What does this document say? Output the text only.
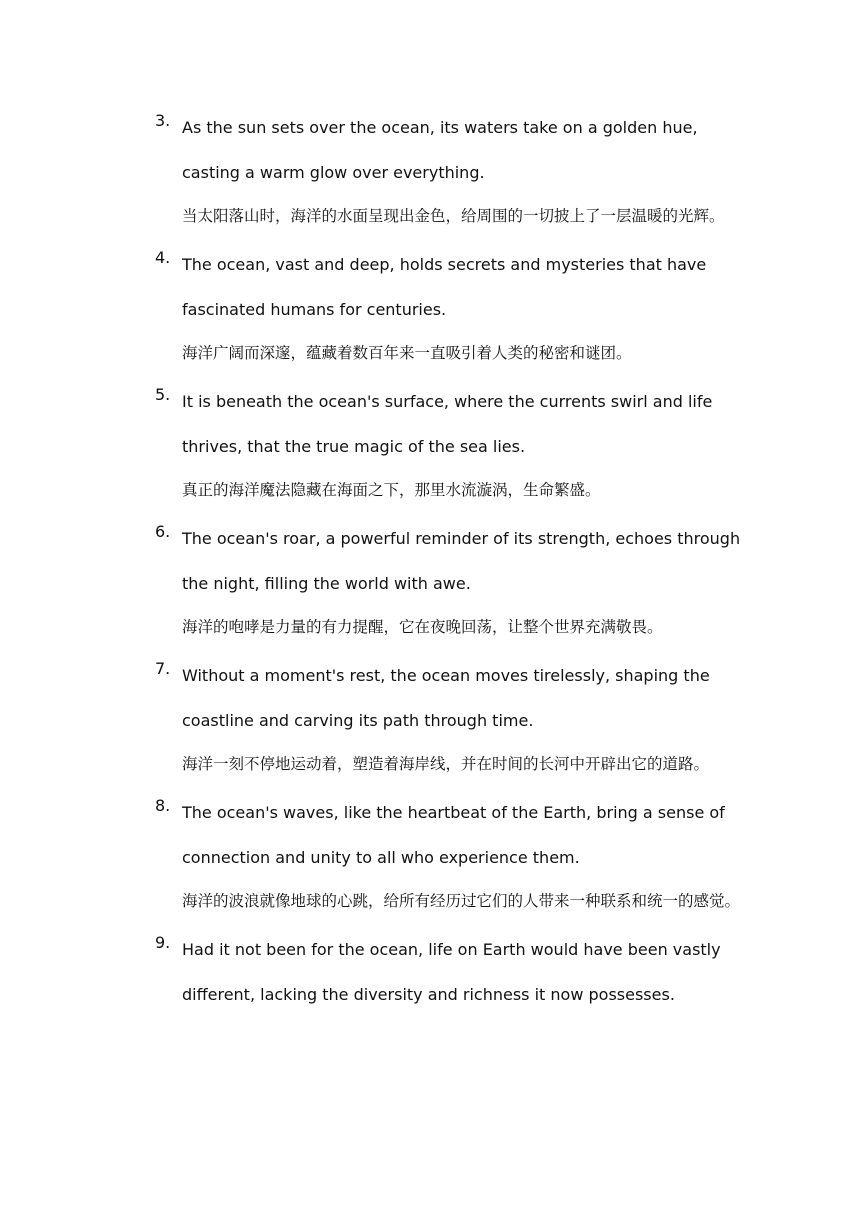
3. As the sun sets over the ocean, its waters take on a golden hue, casting a warm glow over everything.
当太阳落山时，海洋的水面呈现出金色，给周围的一切披上了一层温暖的光辉。
4. The ocean, vast and deep, holds secrets and mysteries that have fascinated humans for centuries.
海洋广阔而深邃，蕴藏着数百年来一直吸引着人类的秘密和谜团。
5. It is beneath the ocean's surface, where the currents swirl and life thrives, that the true magic of the sea lies.
真正的海洋魔法隐藏在海面之下，那里水流漩涡，生命繁盛。
6. The ocean's roar, a powerful reminder of its strength, echoes through the night, filling the world with awe.
海洋的咆哮是力量的有力提醒，它在夜晚回荡，让整个世界充满敬畏。
7. Without a moment's rest, the ocean moves tirelessly, shaping the coastline and carving its path through time.
海洋一刻不停地运动着，塑造着海岸线，并在时间的长河中开辟出它的道路。
8. The ocean's waves, like the heartbeat of the Earth, bring a sense of connection and unity to all who experience them.
海洋的波浪就像地球的心跳，给所有经历过它们的人带来一种联系和统一的感觉。
9. Had it not been for the ocean, life on Earth would have been vastly different, lacking the diversity and richness it now possesses.
